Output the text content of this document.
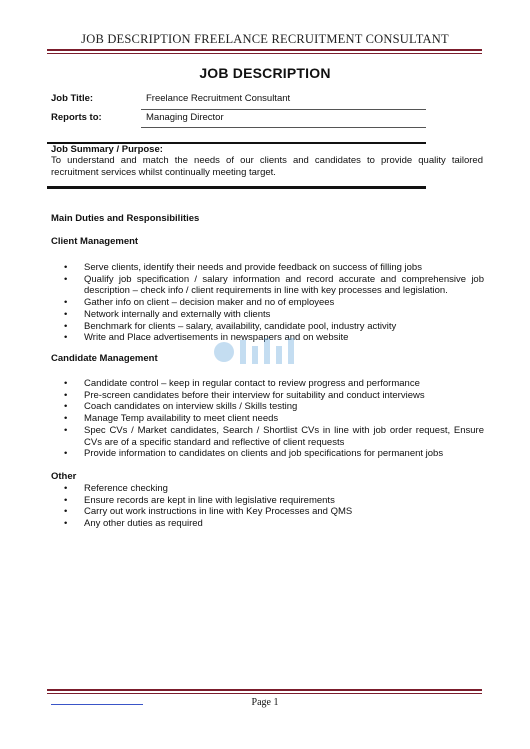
JOB DESCRIPTION FREELANCE RECRUITMENT CONSULTANT
JOB DESCRIPTION
Job Title:	Freelance Recruitment Consultant
Reports to:	Managing Director
Job Summary / Purpose:
To understand and match the needs of our clients and candidates to provide quality tailored recruitment services whilst continually meeting target.
Main Duties and Responsibilities
Client Management
• Serve clients, identify their needs and provide feedback on success of filling jobs
• Qualify job specification / salary information and record accurate and comprehensive job description – check info / client requirements in line with key processes and legislation.
• Gather info on client – decision maker and no of employees
• Network internally and externally with clients
• Benchmark for clients – salary, availability, candidate pool, industry activity
• Write and Place advertisements in newspapers and on website
Candidate Management
• Candidate control – keep in regular contact to review progress and performance
• Pre-screen candidates before their interview for suitability and conduct interviews
• Coach candidates on interview skills / Skills testing
• Manage Temp availability to meet client needs
• Spec CVs / Market candidates, Search / Shortlist CVs in line with job order request, Ensure CVs are of a specific standard and reflective of client requests
• Provide information to candidates on clients and job specifications for permanent jobs
Other
• Reference checking
• Ensure records are kept in line with legislative requirements
• Carry out work instructions in line with Key Processes and QMS
• Any other duties as required
Page 1
